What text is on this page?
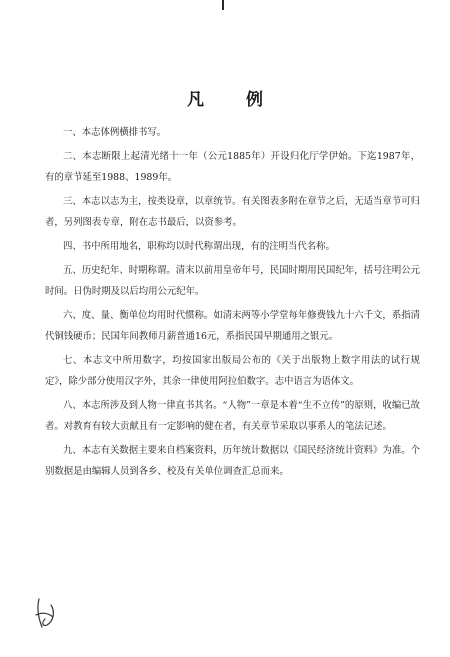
凡 例

一、本志体例横排书写。

二、本志断限上起清光绪十一年（公元1885年）开设归化厅学伊始。下迄1987年，有的章节延至1988、1989年。

三、本志以志为主，按类设章，以章统节。有关图表多附在章节之后，无适当章节可归者，另列图表专章，附在志书最后，以资参考。

四、书中所用地名，职称均以时代称谓出现，有的注明当代名称。

五、历史纪年、时期称谓。清末以前用皇帝年号，民国时期用民国纪年，括号注明公元时间。日伪时期及以后均用公元纪年。

六、度、量、衡单位均用时代惯称。如清末两等小学堂每年修费钱九十六千文，系指清代铜钱硬币；民国年间教师月薪普通16元，系指民国早期通用之银元。

七、本志文中所用数字，均按国家出版局公布的《关于出版物上数字用法的试行规定》，除少部分使用汉字外，其余一律使用阿拉伯数字。志中语言为语体文。

八、本志所涉及到人物一律直书其名。“人物”一章是本着“生不立传”的原则，收编已故者。对教育有较大贡献且有一定影响的健在者，有关章节采取以事系人的笔法记述。

九、本志有关数据主要来自档案资料，历年统计数据以《国民经济统计资料》为准。个别数据是由编辑人员到各乡、校及有关单位调查汇总而来。
